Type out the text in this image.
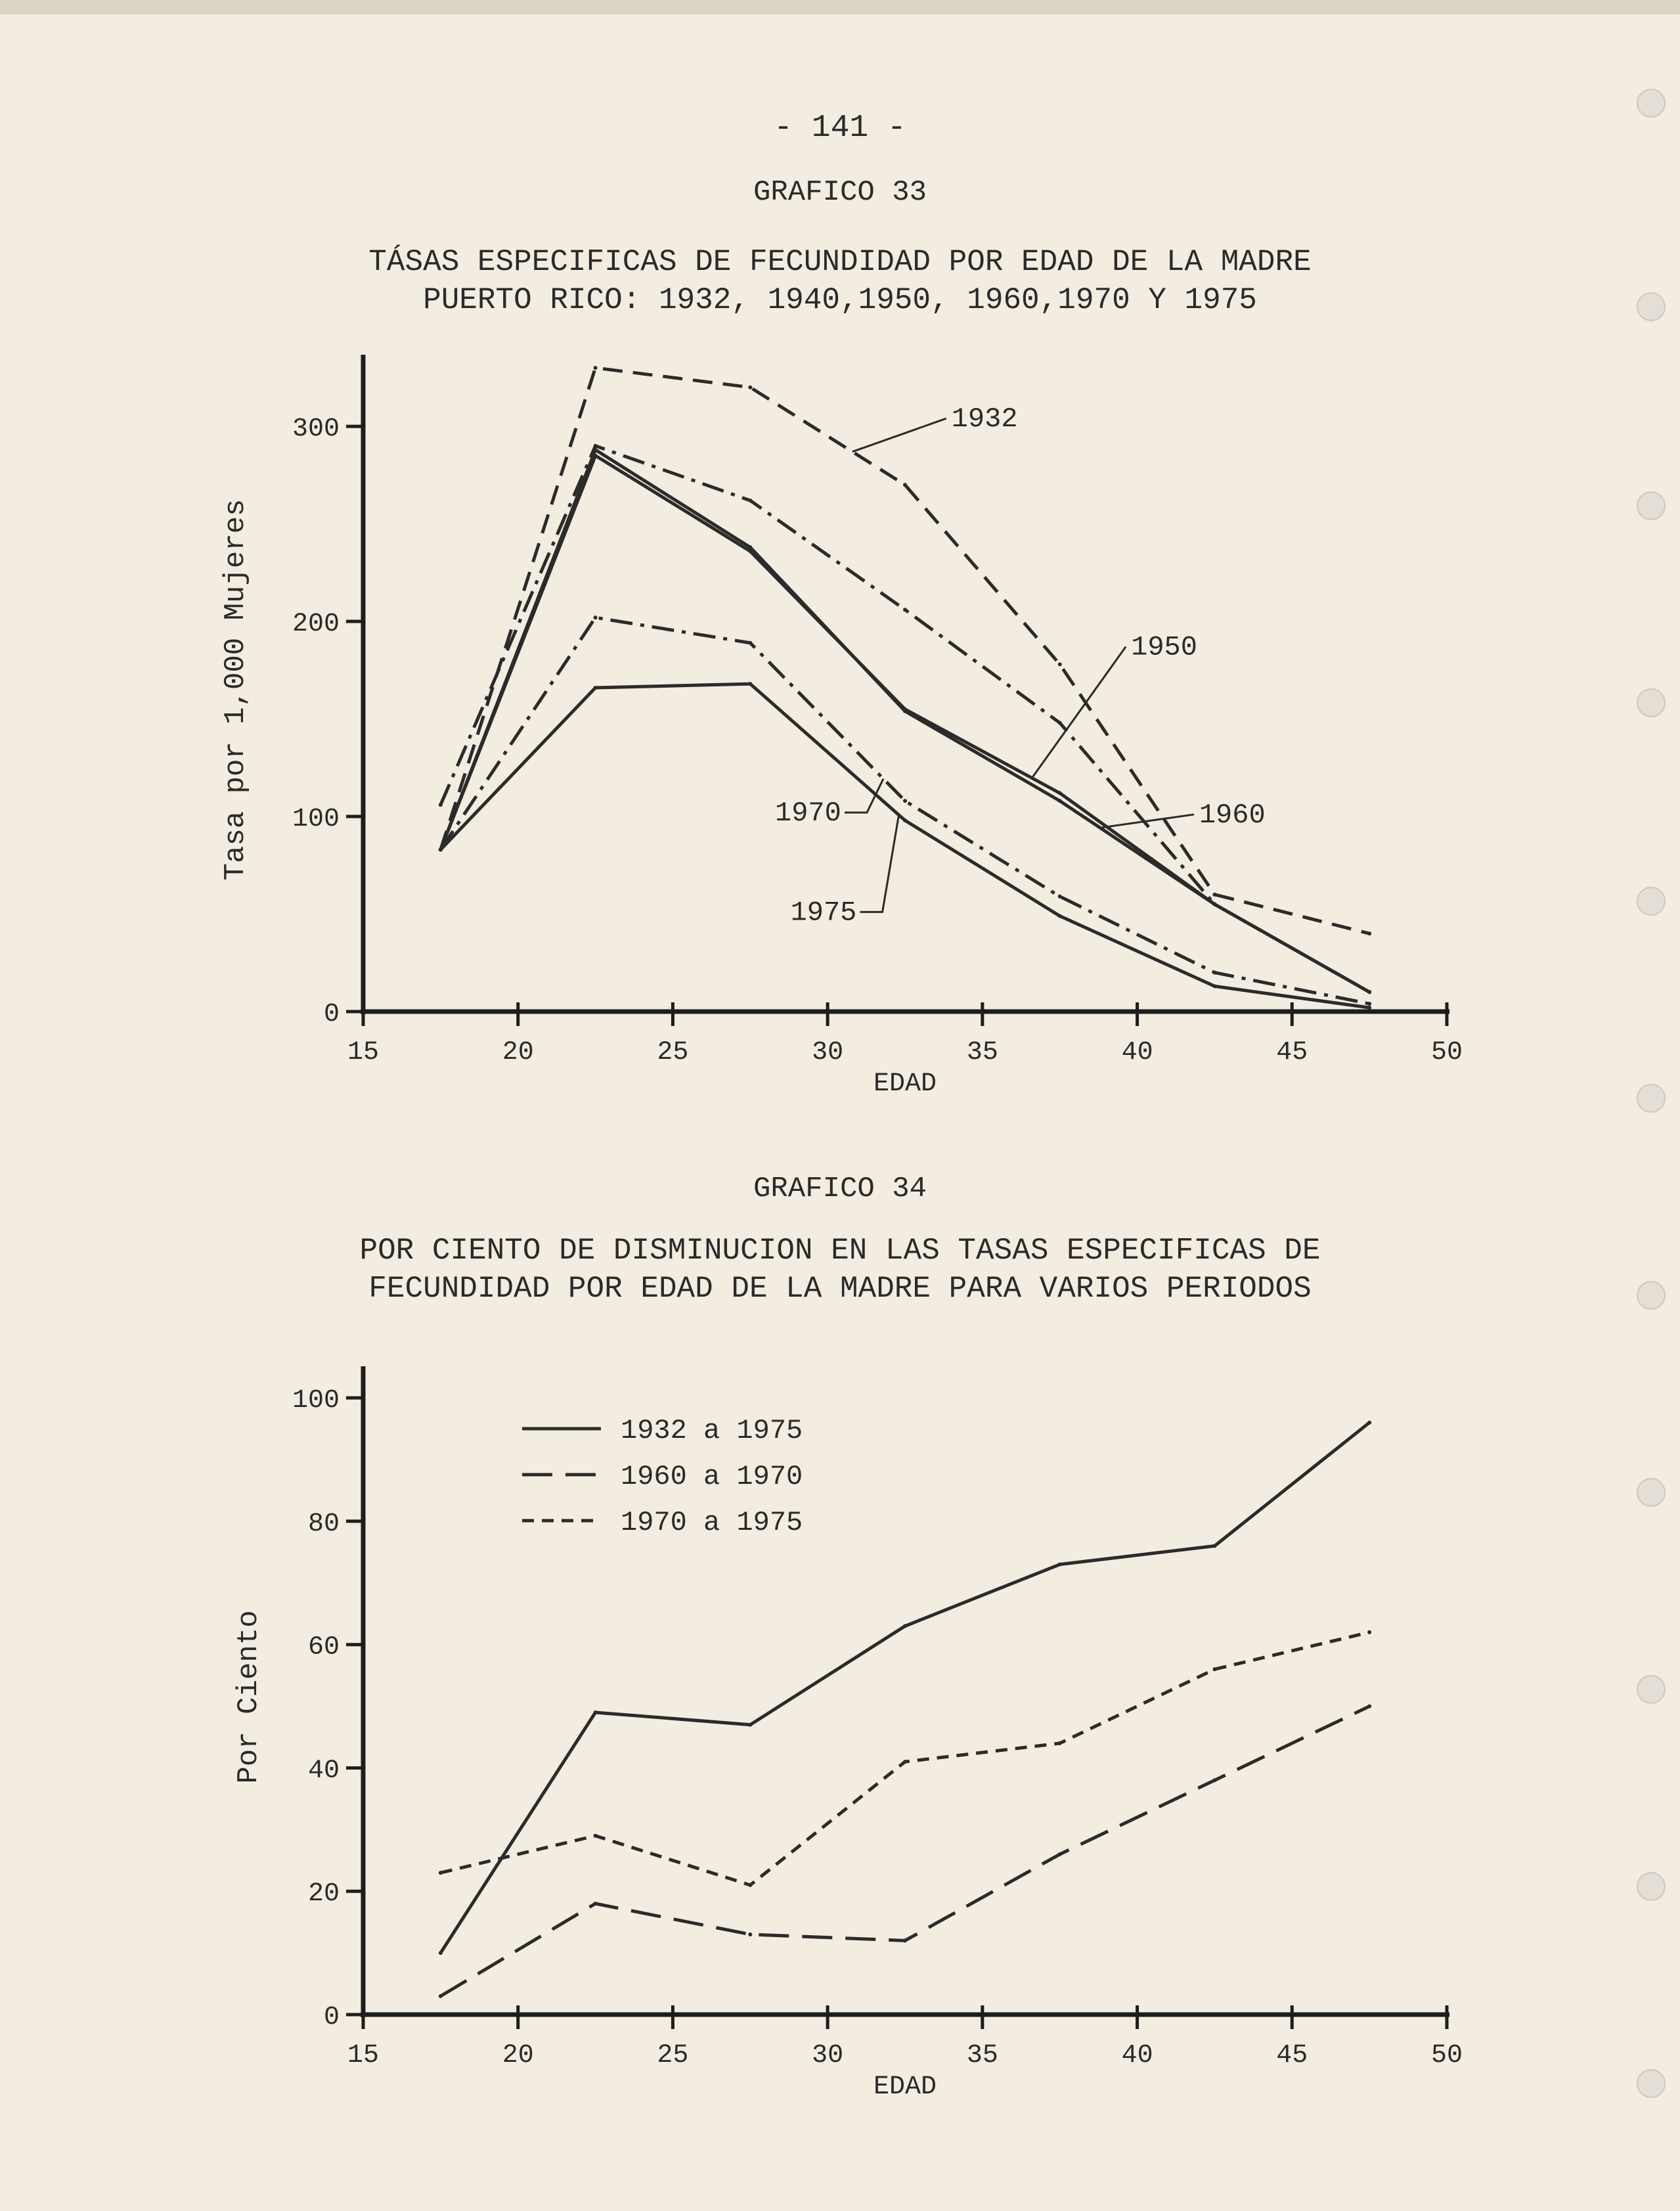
- 141 -
GRAFICO 33
TÁSAS ESPECIFICAS DE FECUNDIDAD POR EDAD DE LA MADRE
PUERTO RICO: 1932, 1940,1950, 1960,1970 Y 1975
15	20	25	30	35	40	45	50
0
100
200
300
EDAD
Tasa por 1,000 Mujeres
1932
1950
1960
1970
1975
GRAFICO 34
POR CIENTO DE DISMINUCION EN LAS TASAS ESPECIFICAS DE
FECUNDIDAD POR EDAD DE LA MADRE PARA VARIOS PERIODOS
15	20	25	30	35	40	45	50
0
20
40
60
80
100
EDAD
Por Ciento
1932 a 1975
1960 a 1970
1970 a 1975
